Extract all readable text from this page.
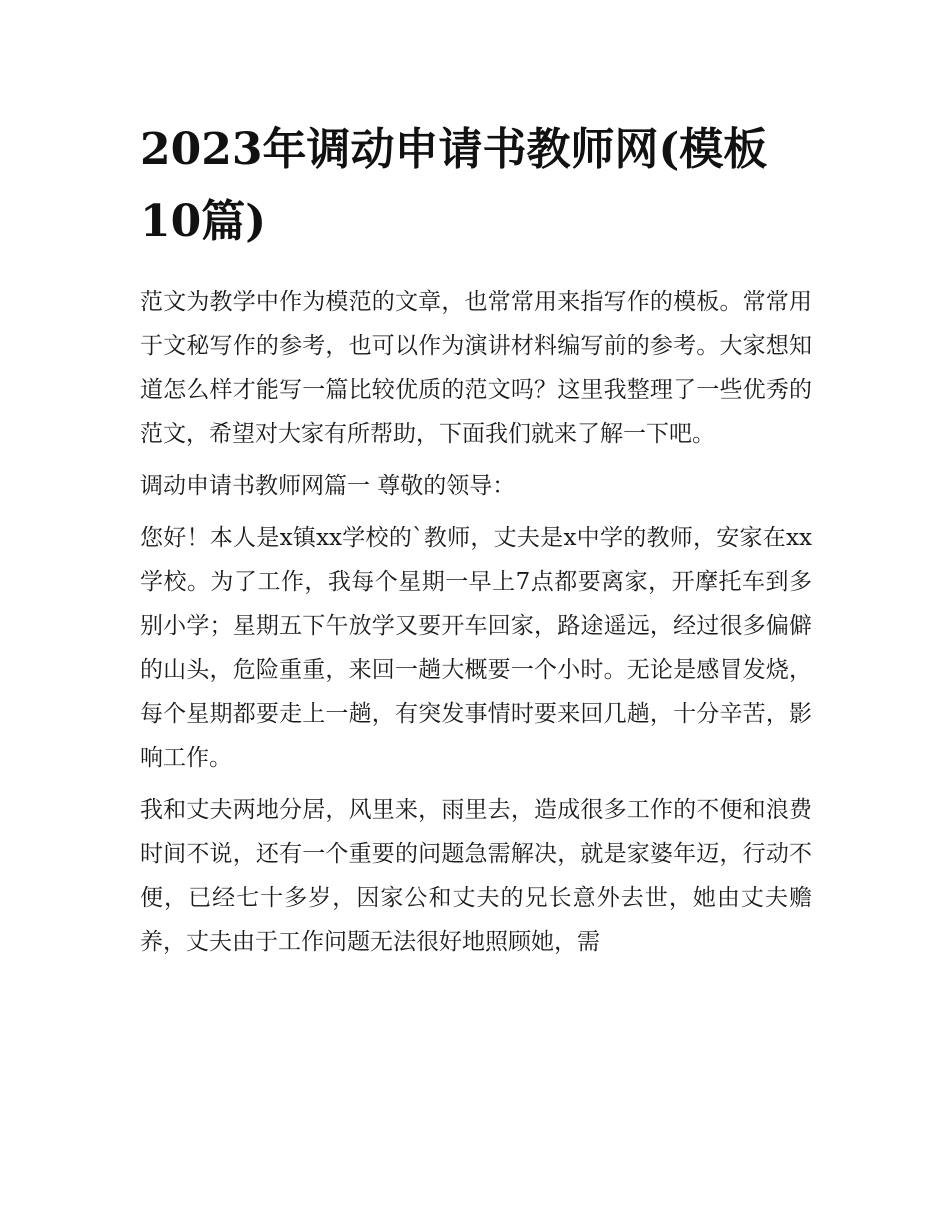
2023年调动申请书教师网(模板10篇)

范文为教学中作为模范的文章，也常常用来指写作的模板。常常用于文秘写作的参考，也可以作为演讲材料编写前的参考。大家想知道怎么样才能写一篇比较优质的范文吗？这里我整理了一些优秀的范文，希望对大家有所帮助，下面我们就来了解一下吧。

调动申请书教师网篇一 尊敬的领导：

您好！本人是x镇xx学校的`教师，丈夫是x中学的教师，安家在xx学校。为了工作，我每个星期一早上7点都要离家，开摩托车到多别小学；星期五下午放学又要开车回家，路途遥远，经过很多偏僻的山头，危险重重，来回一趟大概要一个小时。无论是感冒发烧，每个星期都要走上一趟，有突发事情时要来回几趟，十分辛苦，影响工作。

我和丈夫两地分居，风里来，雨里去，造成很多工作的不便和浪费时间不说，还有一个重要的问题急需解决，就是家婆年迈，行动不便，已经七十多岁，因家公和丈夫的兄长意外去世，她由丈夫赡养，丈夫由于工作问题无法很好地照顾她，需
